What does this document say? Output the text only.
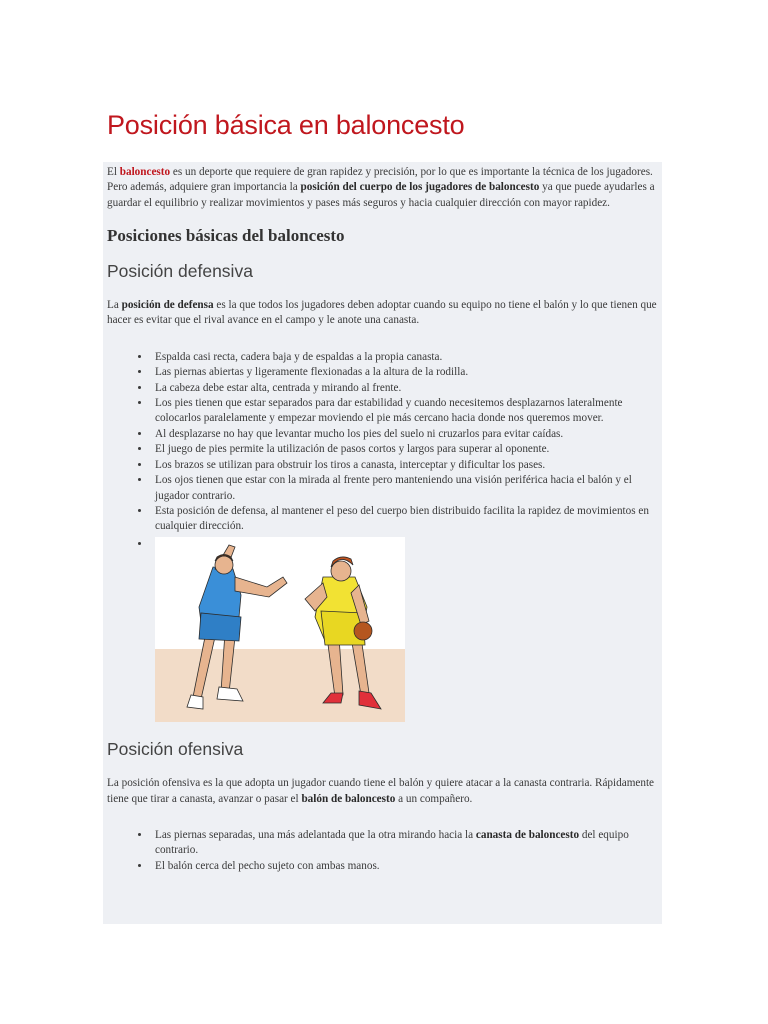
Posición básica en baloncesto

El baloncesto es un deporte que requiere de gran rapidez y precisión, por lo que es importante la técnica de los jugadores. Pero además, adquiere gran importancia la posición del cuerpo de los jugadores de baloncesto ya que puede ayudarles a guardar el equilibrio y realizar movimientos y pases más seguros y hacia cualquier dirección con mayor rapidez.

Posiciones básicas del baloncesto
Posición defensiva

La posición de defensa es la que todos los jugadores deben adoptar cuando su equipo no tiene el balón y lo que tienen que hacer es evitar que el rival avance en el campo y le anote una canasta.

• Espalda casi recta, cadera baja y de espaldas a la propia canasta.
• Las piernas abiertas y ligeramente flexionadas a la altura de la rodilla.
• La cabeza debe estar alta, centrada y mirando al frente.
• Los pies tienen que estar separados para dar estabilidad y cuando necesitemos desplazarnos lateralmente colocarlos paralelamente y empezar moviendo el pie más cercano hacia donde nos queremos mover.
• Al desplazarse no hay que levantar mucho los pies del suelo ni cruzarlos para evitar caídas.
• El juego de pies permite la utilización de pasos cortos y largos para superar al oponente.
• Los brazos se utilizan para obstruir los tiros a canasta, interceptar y dificultar los pases.
• Los ojos tienen que estar con la mirada al frente pero manteniendo una visión periférica hacia el balón y el jugador contrario.
• Esta posición de defensa, al mantener el peso del cuerpo bien distribuido facilita la rapidez de movimientos en cualquier dirección.
•
Posición ofensiva

La posición ofensiva es la que adopta un jugador cuando tiene el balón y quiere atacar a la canasta contraria. Rápidamente tiene que tirar a canasta, avanzar o pasar el balón de baloncesto a un compañero.

• Las piernas separadas, una más adelantada que la otra mirando hacia la canasta de baloncesto del equipo contrario.
• El balón cerca del pecho sujeto con ambas manos.
